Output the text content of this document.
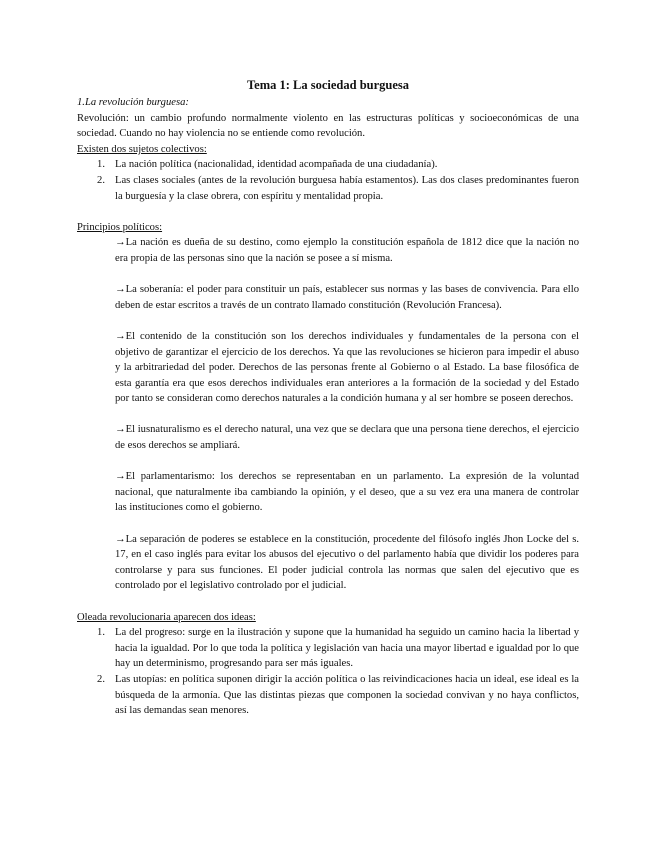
Tema 1: La sociedad burguesa

1.La revolución burguesa:

Revolución: un cambio profundo normalmente violento en las estructuras políticas y socioeconómicas de una sociedad. Cuando no hay violencia no se entiende como revolución.

Existen dos sujetos colectivos:

1. La nación política (nacionalidad, identidad acompañada de una ciudadanía).
2. Las clases sociales (antes de la revolución burguesa había estamentos). Las dos clases predominantes fueron la burguesía y la clase obrera, con espíritu y mentalidad propia.

Principios políticos:

→La nación es dueña de su destino, como ejemplo la constitución española de 1812 dice que la nación no era propia de las personas sino que la nación se posee a sí misma.

→La soberanía: el poder para constituir un país, establecer sus normas y las bases de convivencia. Para ello deben de estar escritos a través de un contrato llamado constitución (Revolución Francesa).

→El contenido de la constitución son los derechos individuales y fundamentales de la persona con el objetivo de garantizar el ejercicio de los derechos. Ya que las revoluciones se hicieron para impedir el abuso y la arbitrariedad del poder. Derechos de las personas frente al Gobierno o al Estado. La base filosófica de esta garantía era que esos derechos individuales eran anteriores a la formación de la sociedad y del Estado por tanto se consideran como derechos naturales a la condición humana y al ser hombre se poseen derechos.

→El iusnaturalismo es el derecho natural, una vez que se declara que una persona tiene derechos, el ejercicio de esos derechos se ampliará.

→El parlamentarismo: los derechos se representaban en un parlamento. La expresión de la voluntad nacional, que naturalmente iba cambiando la opinión, y el deseo, que a su vez era una manera de controlar las instituciones como el gobierno.

→La separación de poderes se establece en la constitución, procedente del filósofo inglés Jhon Locke del s. 17, en el caso inglés para evitar los abusos del ejecutivo o del parlamento había que dividir los poderes para controlarse y para sus funciones. El poder judicial controla las normas que salen del ejecutivo que es controlado por el legislativo controlado por el judicial.

Oleada revolucionaria aparecen dos ideas:

1. La del progreso: surge en la ilustración y supone que la humanidad ha seguido un camino hacia la libertad y hacia la igualdad. Por lo que toda la política y legislación van hacia una mayor libertad e igualdad por lo que hay un determinismo, progresando para ser más iguales.
2. Las utopías: en política suponen dirigir la acción política o las reivindicaciones hacia un ideal, ese ideal es la búsqueda de la armonía. Que las distintas piezas que componen la sociedad convivan y no haya conflictos, así las demandas sean menores.
